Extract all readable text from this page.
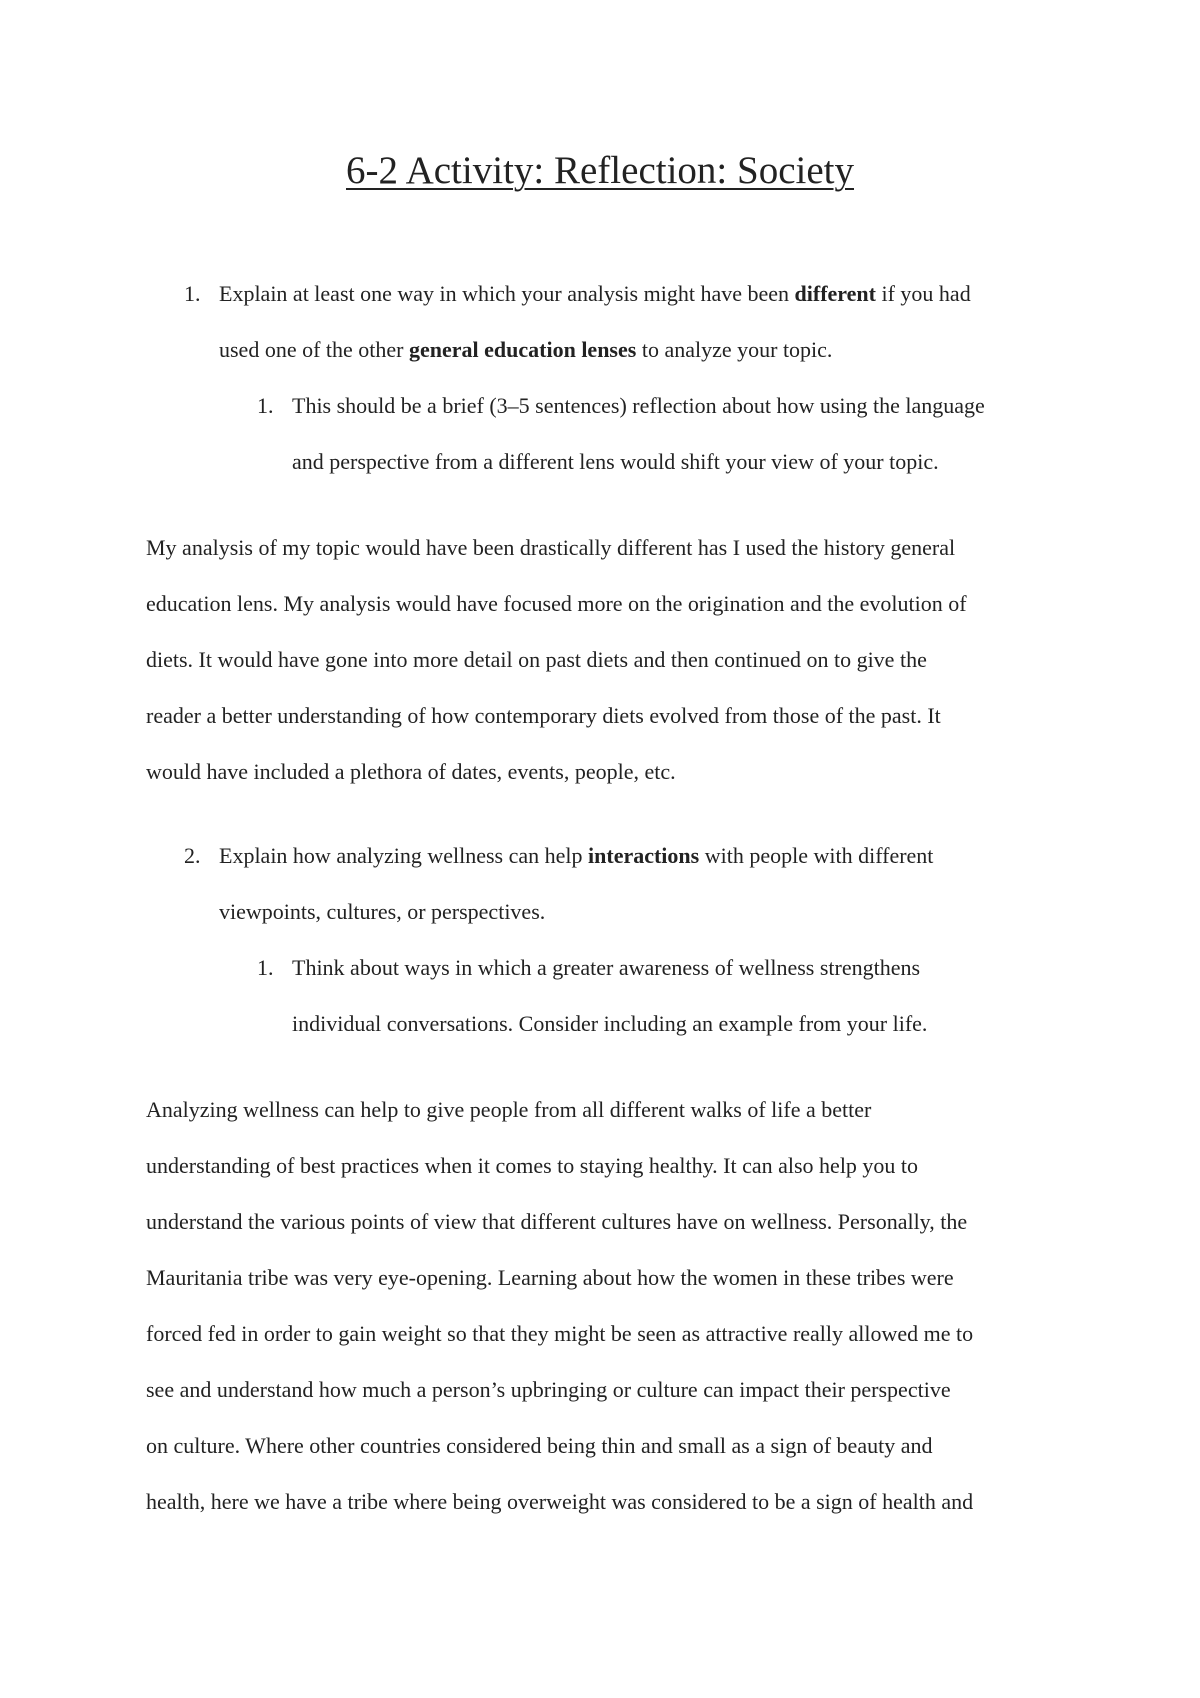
6-2 Activity: Reflection: Society
1. Explain at least one way in which your analysis might have been different if you had
used one of the other general education lenses to analyze your topic.
1. This should be a brief (3–5 sentences) reflection about how using the language
and perspective from a different lens would shift your view of your topic.
My analysis of my topic would have been drastically different has I used the history general
education lens. My analysis would have focused more on the origination and the evolution of
diets. It would have gone into more detail on past diets and then continued on to give the
reader a better understanding of how contemporary diets evolved from those of the past. It
would have included a plethora of dates, events, people, etc.
2. Explain how analyzing wellness can help interactions with people with different
viewpoints, cultures, or perspectives.
1. Think about ways in which a greater awareness of wellness strengthens
individual conversations. Consider including an example from your life.
Analyzing wellness can help to give people from all different walks of life a better
understanding of best practices when it comes to staying healthy. It can also help you to
understand the various points of view that different cultures have on wellness. Personally, the
Mauritania tribe was very eye-opening. Learning about how the women in these tribes were
forced fed in order to gain weight so that they might be seen as attractive really allowed me to
see and understand how much a person’s upbringing or culture can impact their perspective
on culture. Where other countries considered being thin and small as a sign of beauty and
health, here we have a tribe where being overweight was considered to be a sign of health and
